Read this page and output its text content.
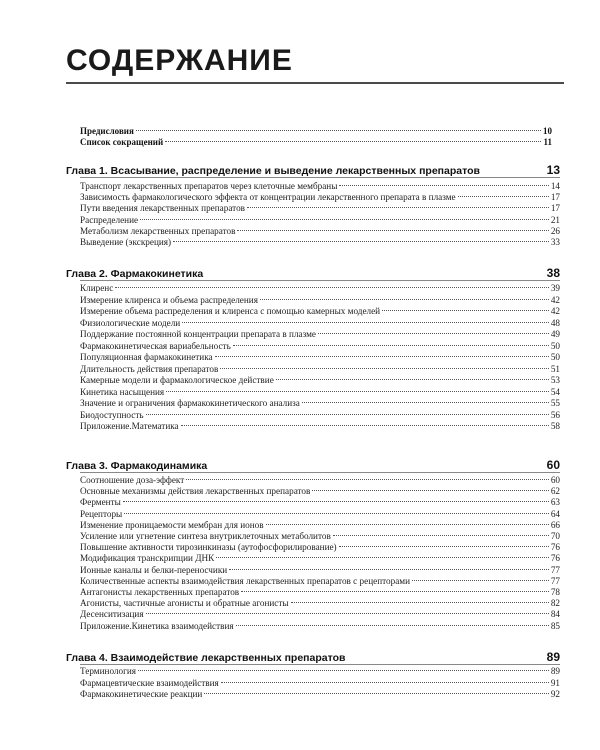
СОДЕРЖАНИЕ
Предисловия	10
Список сокращений	11
Глава 1. Всасывание, распределение и выведение лекарственных препаратов	13
Транспорт лекарственных препаратов через клеточные мембраны	14
Зависимость фармакологического эффекта от концентрации лекарственного препарата в плазме	17
Пути введения лекарственных препаратов	17
Распределение	21
Метаболизм лекарственных препаратов	26
Выведение (экскреция)	33
Глава 2. Фармакокинетика	38
Клиренс	39
Измерение клиренса и объема распределения	42
Измерение объема распределения и клиренса с помощью камерных моделей	42
Физиологические модели	48
Поддержание постоянной концентрации препарата в плазме	49
Фармакокинетическая вариабельность	50
Популяционная фармакокинетика	50
Длительность действия препаратов	51
Камерные модели и фармакологическое действие	53
Кинетика насыщения	54
Значение и ограничения фармакокинетического анализа	55
Биодоступность	56
Приложение.Математика	58
Глава 3. Фармакодинамика	60
Соотношение доза-эффект	60
Основные механизмы действия лекарственных препаратов	62
Ферменты	63
Рецепторы	64
Изменение проницаемости мембран для ионов	66
Усиление или угнетение синтеза внутриклеточных метаболитов	70
Повышение активности тирозинкиназы (аутофосфорилирование)	76
Модификация транскрипции ДНК	76
Ионные каналы и белки-переносчики	77
Количественные аспекты взаимодействия лекарственных препаратов с рецепторами	77
Антагонисты лекарственных препаратов	78
Агонисты, частичные агонисты и обратные агонисты	82
Десенситизация	84
Приложение.Кинетика взаимодействия	85
Глава 4. Взаимодействие лекарственных препаратов	89
Терминология	89
Фармацевтические взаимодействия	91
Фармакокинетические реакции	92
